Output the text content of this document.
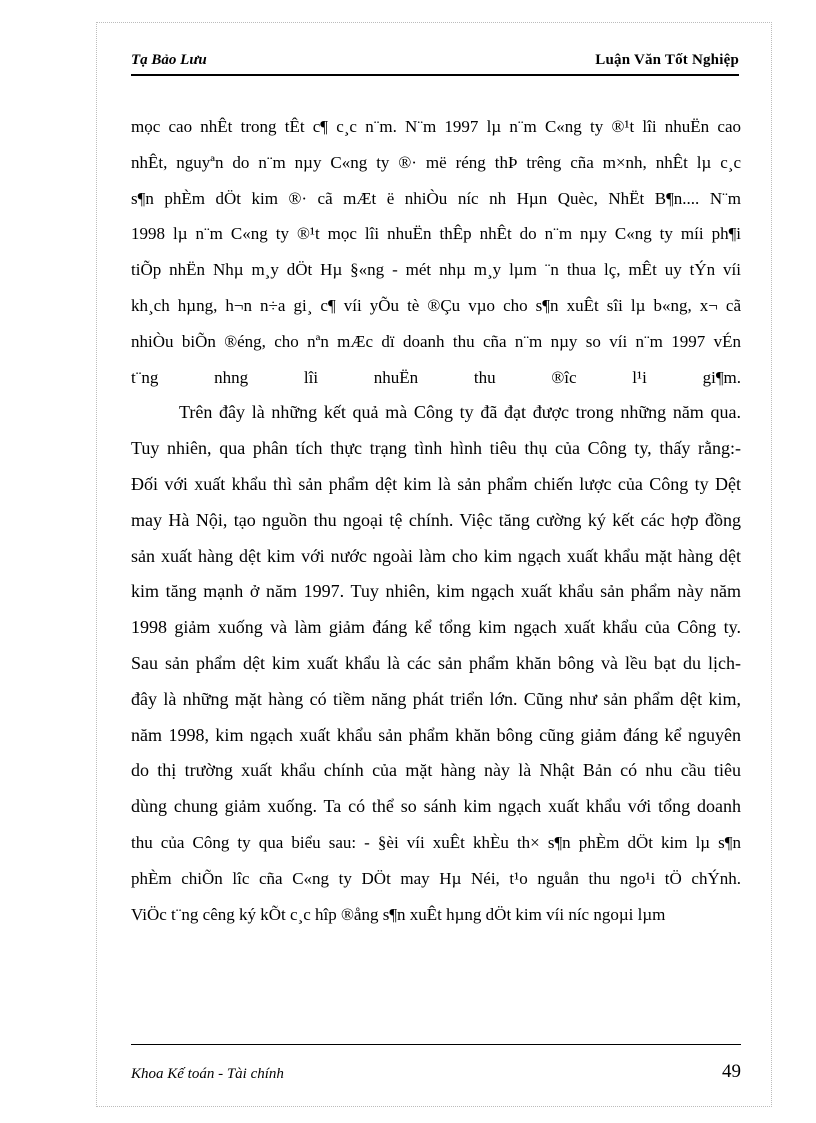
Tạ Bảo Lưu	Luận Văn Tốt Nghiệp
mọc cao nhÊt trong tÊt c¶ c¸c n¨m. N¨m 1997 lµ n¨m C«ng ty ®¹t lîi nhuËn cao
nhÊt, nguyªn do n¨m nµy C«ng ty ®· më réng thÞ trêng cña m×nh, nhÊt lµ c¸c
s¶n phÈm dÖt kim ®· cã mÆt ë nhiÒu níc nh Hµn Quèc, NhËt B¶n.... N¨m
1998 lµ n¨m C«ng ty ®¹t mọc lîi nhuËn thÊp nhÊt do n¨m nµy C«ng ty míi ph¶i
tiÕp nhËn Nhµ m¸y dÖt Hµ §«ng - mét nhµ m¸y lµm ¨n thua lç, mÊt uy tÝn víi
kh¸ch hµng, h¬n n÷a gi¸ c¶ víi yÕu tè ®Çu vµo cho s¶n xuÊt sîi lµ b«ng, x¬ cã
nhiÒu biÕn ®éng, cho nªn mÆc dï doanh thu cña n¨m nµy so víi n¨m 1997 vÉn
t¨ng nhng lîi nhuËn thu ®îc l¹i gi¶m.
Trên đây là những kết quả mà Công ty đã đạt được trong những năm qua.
Tuy nhiên, qua phân tích thực trạng tình hình tiêu thụ của Công ty, thấy rằng:-
Đối với xuất khẩu thì sản phẩm dệt kim là sản phẩm chiến lược của Công ty Dệt
may Hà Nội, tạo nguồn thu ngoại tệ chính. Việc tăng cường ký kết các hợp đồng
sản xuất hàng dệt kim với nước ngoài làm cho kim ngạch xuất khẩu mặt hàng dệt
kim tăng mạnh ở năm 1997. Tuy nhiên, kim ngạch xuất khẩu sản phẩm này năm
1998 giảm xuống và làm giảm đáng kể tổng kim ngạch xuất khẩu của Công ty.
Sau sản phẩm dệt kim xuất khẩu là các sản phẩm khăn bông và lều bạt du lịch-
đây là những mặt hàng có tiềm năng phát triển lớn. Cũng như sản phẩm dệt kim,
năm 1998, kim ngạch xuất khẩu sản phẩm khăn bông cũng giảm đáng kể nguyên
do thị trường xuất khẩu chính của mặt hàng này là Nhật Bản có nhu cầu tiêu
dùng chung giảm xuống. Ta có thể so sánh kim ngạch xuất khẩu với tổng doanh
thu của Công ty qua biểu sau: - §èi víi xuÊt khÈu th× s¶n phÈm dÖt kim lµ s¶n
phÈm chiÕn lîc cña C«ng ty DÖt may Hµ Néi, t¹o nguån thu ngo¹i tÖ chÝnh.
ViÖc t¨ng cêng ký kÕt c¸c hîp ®ång s¶n xuÊt hµng dÖt kim víi níc ngoµi lµm
Khoa Kế toán - Tài chính	49
